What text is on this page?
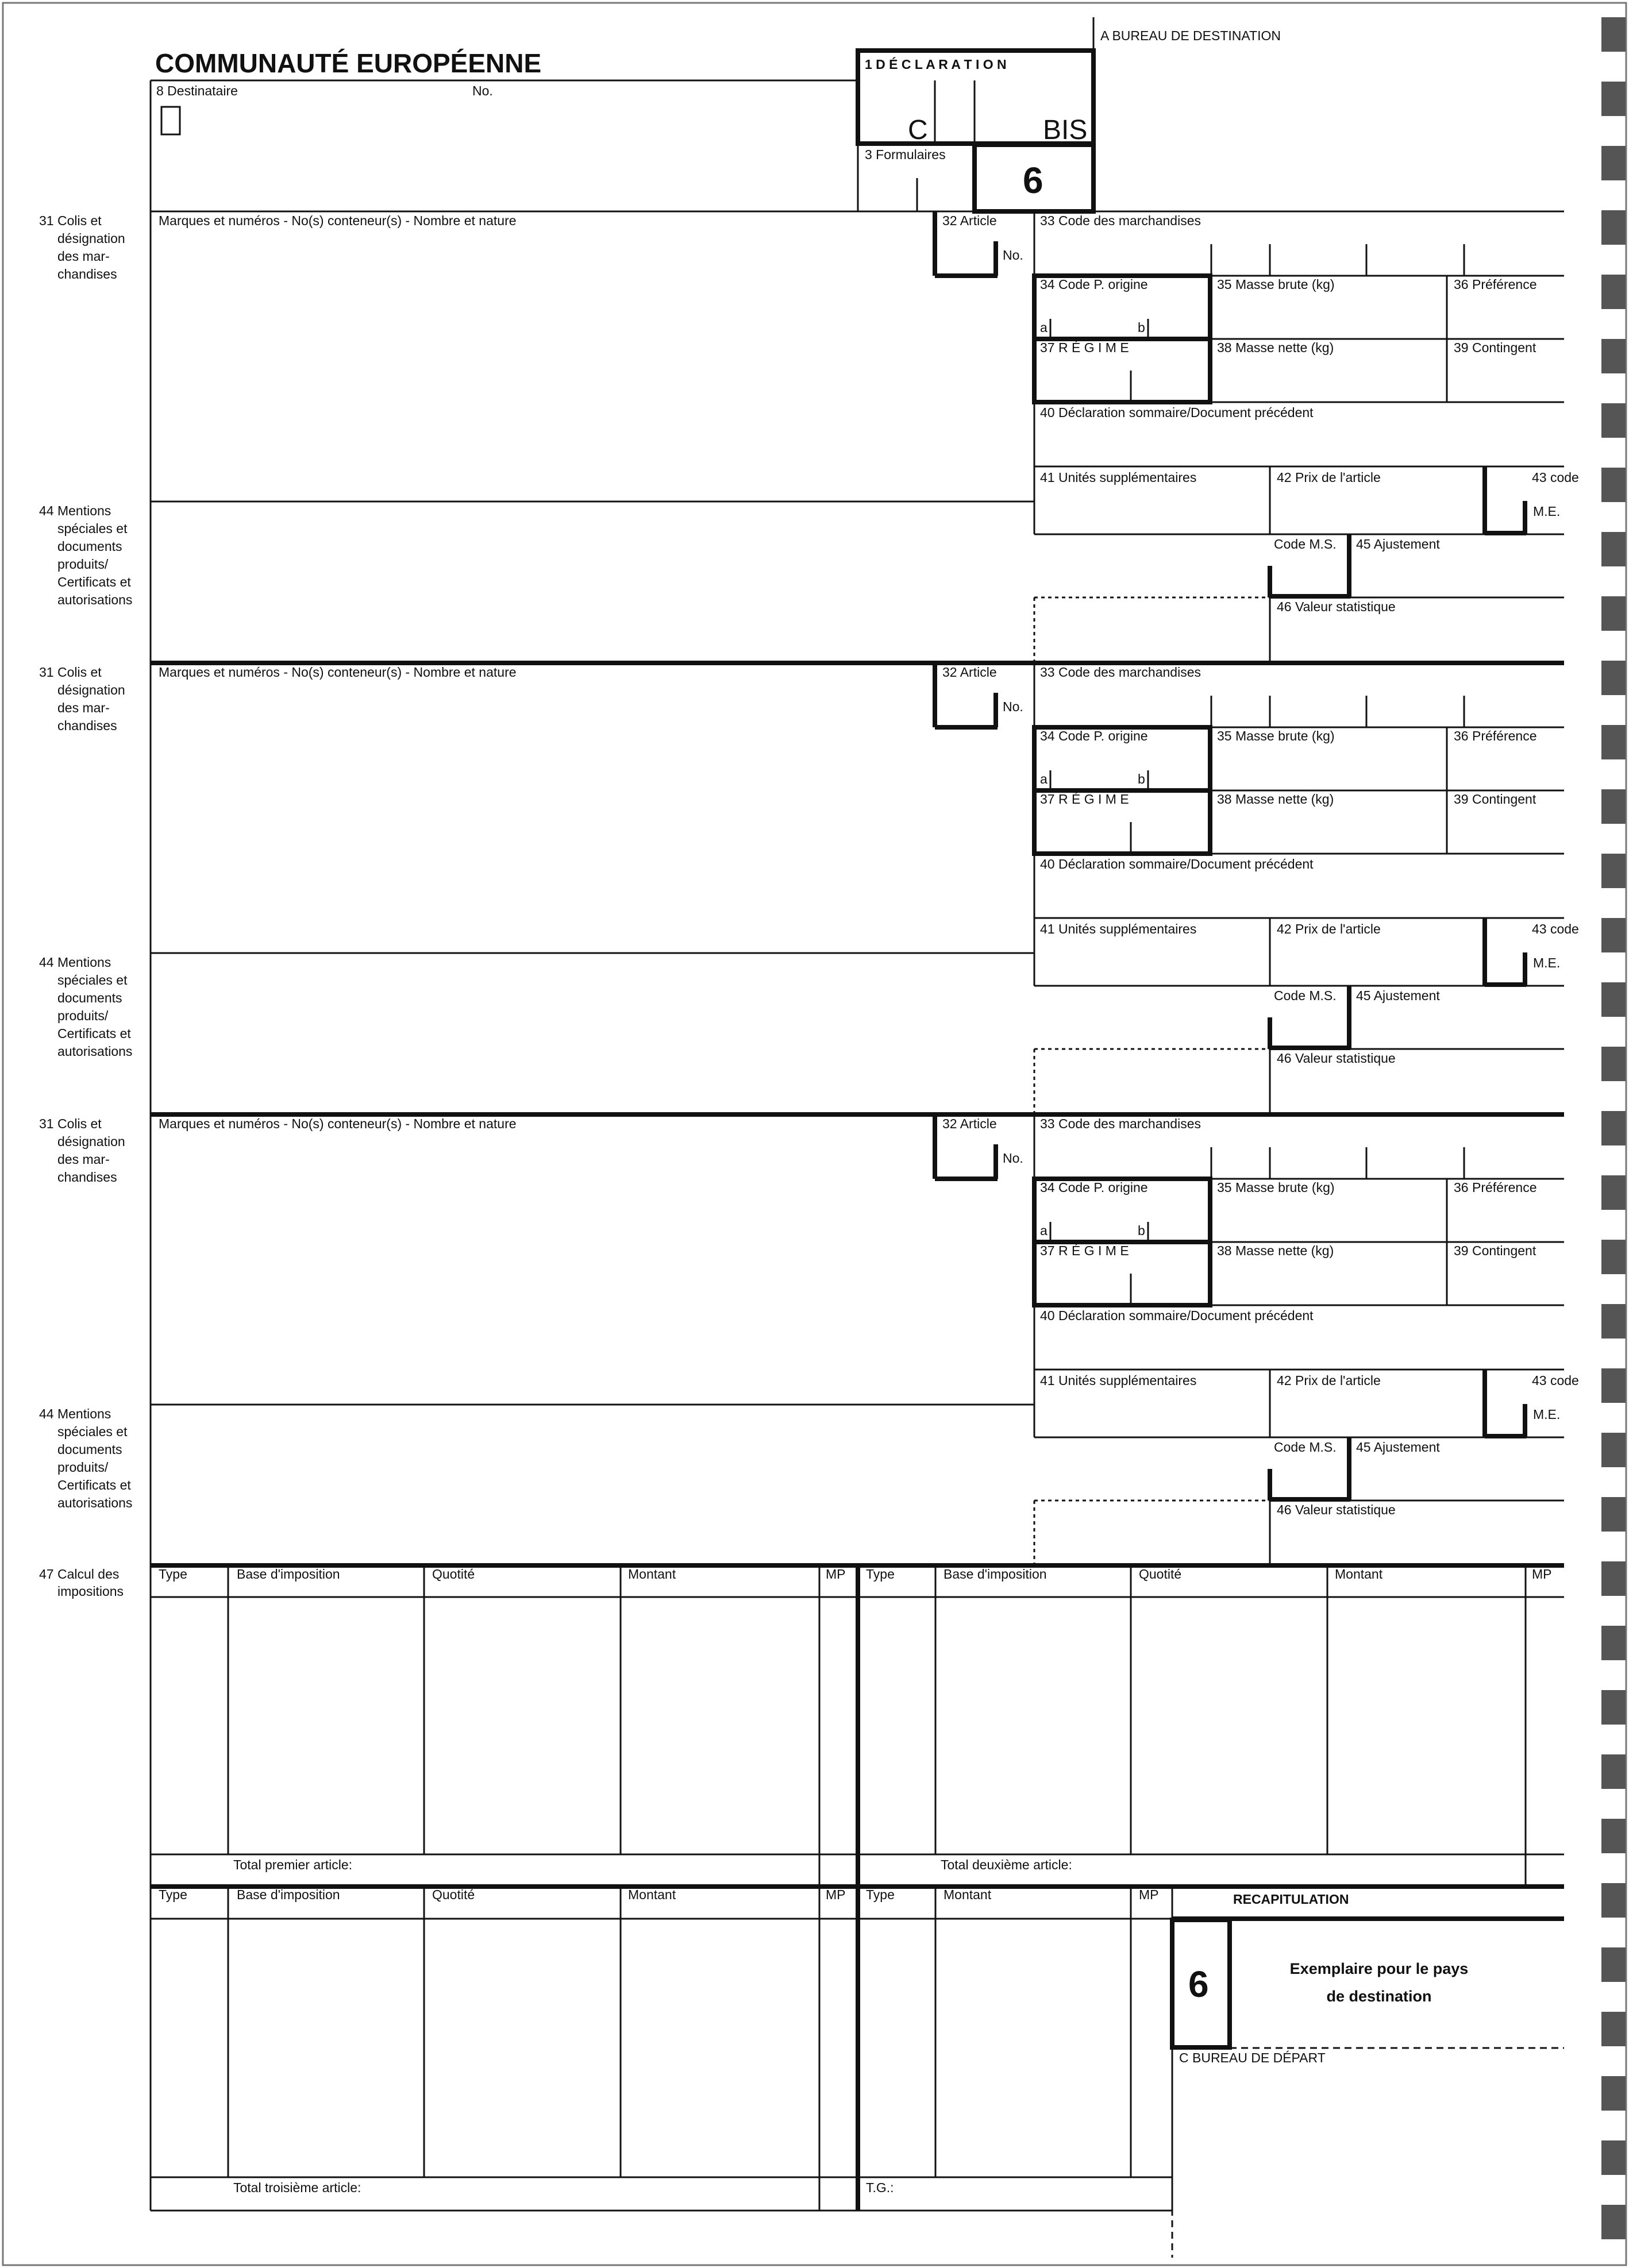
COMMUNAUTÉ EUROPÉENNE
8 Destinataire	No.
1 D É C L A R A T I O N
C	BIS
A BUREAU DE DESTINATION
3 Formulaires
6
31 Colis et
désignation
des mar-
chandises
Marques et numéros - No(s) conteneur(s) - Nombre et nature	32 Article
No.
33 Code des marchandises
34 Code P. origine
a	b
37 R É G I M E
35 Masse brute (kg)	36 Préférence
38 Masse nette (kg)	39 Contingent
40 Déclaration sommaire/Document précédent
41 Unités supplémentaires	42 Prix de l'article	43 code
M.E.
44 Mentions
spéciales et
documents
produits/
Certificats et
autorisations
Code M.S. 45 Ajustement
46 Valeur statistique
31 Colis et
désignation
des mar-
chandises
Marques et numéros - No(s) conteneur(s) - Nombre et nature	32 Article
No.
33 Code des marchandises
34 Code P. origine
a	b
37 R É G I M E
35 Masse brute (kg)	36 Préférence
38 Masse nette (kg)	39 Contingent
40 Déclaration sommaire/Document précédent
41 Unités supplémentaires	42 Prix de l'article	43 code
M.E.
44 Mentions
spéciales et
documents
produits/
Certificats et
autorisations
Code M.S. 45 Ajustement
46 Valeur statistique
31 Colis et
désignation
des mar-
chandises
Marques et numéros - No(s) conteneur(s) - Nombre et nature	32 Article
No.
33 Code des marchandises
34 Code P. origine
a	b
37 R É G I M E
35 Masse brute (kg)	36 Préférence
38 Masse nette (kg)	39 Contingent
40 Déclaration sommaire/Document précédent
41 Unités supplémentaires	42 Prix de l'article	43 code
M.E.
44 Mentions
spéciales et
documents
produits/
Certificats et
autorisations
Code M.S. 45 Ajustement
46 Valeur statistique
47 Calcul des
impositions
Type	Base d'imposition	Quotité	Montant	MP Type	Base d'imposition	Quotité	Montant	MP
Total premier article:	Total deuxième article:
Type	Base d'imposition	Quotité	Montant	MP Type	Montant	MP
Total troisième article:	T.G.:
RECAPITULATION
6	Exemplaire pour le pays
de destination
C BUREAU DE DÉPART
